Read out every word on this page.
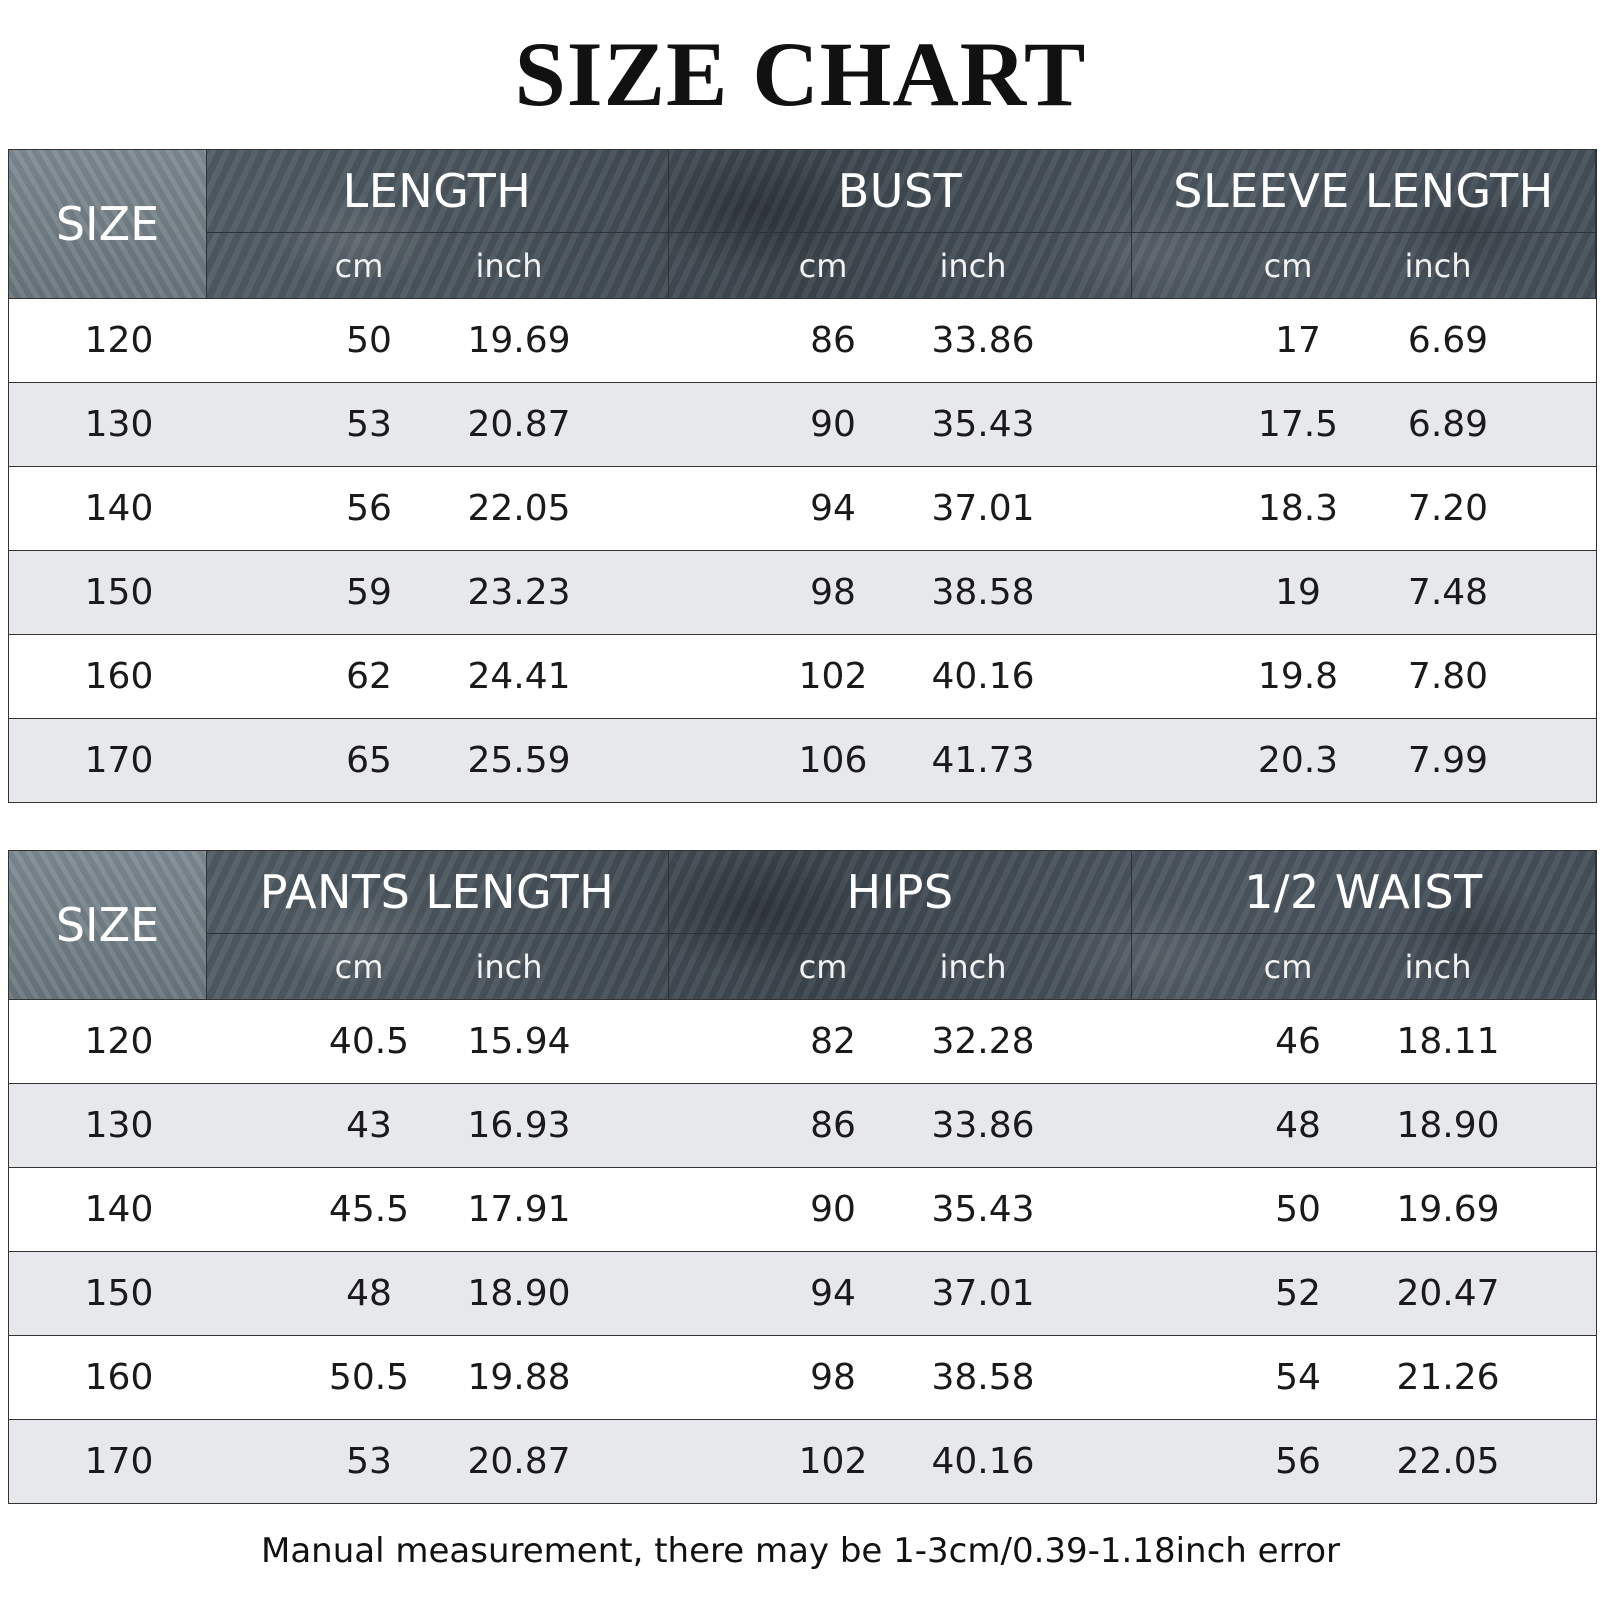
SIZE CHART
SIZE
LENGTH	BUST	SLEEVE LENGTH
cm	inch	cm	inch	cm	inch
120	50	19.69	86	33.86	17	6.69
130	53	20.87	90	35.43	17.5	6.89
140	56	22.05	94	37.01	18.3	7.20
150	59	23.23	98	38.58	19	7.48
160	62	24.41	102	40.16	19.8	7.80
170	65	25.59	106	41.73	20.3	7.99
SIZE
PANTS LENGTH	HIPS	1/2 WAIST
cm	inch	cm	inch	cm	inch
120	40.5	15.94	82	32.28	46	18.11
130	43	16.93	86	33.86	48	18.90
140	45.5	17.91	90	35.43	50	19.69
150	48	18.90	94	37.01	52	20.47
160	50.5	19.88	98	38.58	54	21.26
170	53	20.87	102	40.16	56	22.05
Manual measurement, there may be 1-3cm/0.39-1.18inch error
